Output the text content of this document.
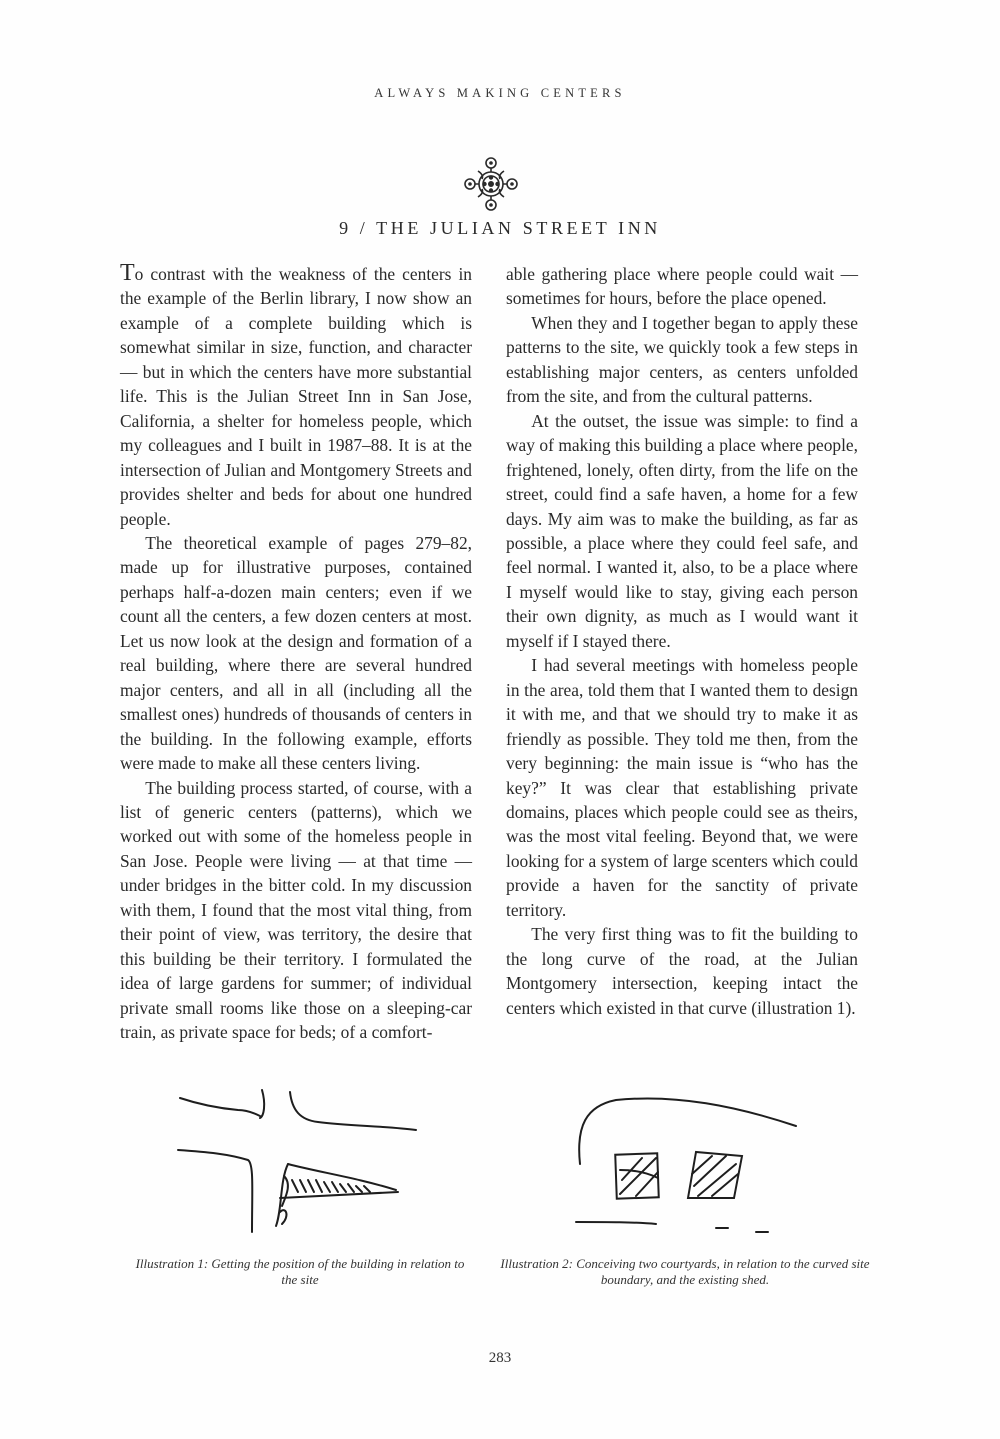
ALWAYS MAKING CENTERS
9 / THE JULIAN STREET INN

To contrast with the weakness of the centers in the example of the Berlin library, I now show an example of a complete building which is somewhat similar in size, function, and character — but in which the centers have more substantial life. This is the Julian Street Inn in San Jose, California, a shelter for homeless people, which my colleagues and I built in 1987–88. It is at the intersection of Julian and Montgomery Streets and provides shelter and beds for about one hundred people.

The theoretical example of pages 279–82, made up for illustrative purposes, contained perhaps half-a-dozen main centers; even if we count all the centers, a few dozen centers at most. Let us now look at the design and formation of a real building, where there are several hundred major centers, and all in all (including all the smallest ones) hundreds of thousands of centers in the building. In the following example, efforts were made to make all these centers living.

The building process started, of course, with a list of generic centers (patterns), which we worked out with some of the homeless people in San Jose. People were living — at that time — under bridges in the bitter cold. In my discussion with them, I found that the most vital thing, from their point of view, was territory, the desire that this building be their territory. I formulated the idea of large gardens for summer; of individual private small rooms like those on a sleeping-car train, as private space for beds; of a comfort-

able gathering place where people could wait — sometimes for hours, before the place opened.

When they and I together began to apply these patterns to the site, we quickly took a few steps in establishing major centers, as centers unfolded from the site, and from the cultural patterns.

At the outset, the issue was simple: to find a way of making this building a place where people, frightened, lonely, often dirty, from the life on the street, could find a safe haven, a home for a few days. My aim was to make the building, as far as possible, a place where they could feel safe, and feel normal. I wanted it, also, to be a place where I myself would like to stay, giving each person their own dignity, as much as I would want it myself if I stayed there.

I had several meetings with homeless people in the area, told them that I wanted them to design it with me, and that we should try to make it as friendly as possible. They told me then, from the very beginning: the main issue is “who has the key?” It was clear that establishing private domains, places which people could see as theirs, was the most vital feeling. Beyond that, we were looking for a system of large scenters which could provide a haven for the sanctity of private territory.

The very first thing was to fit the building to the long curve of the road, at the Julian Montgomery intersection, keeping intact the centers which existed in that curve (illustration 1).

Illustration 1: Getting the position of the building in relation to the site
Illustration 2: Conceiving two courtyards, in relation to the curved site boundary, and the existing shed.
283
